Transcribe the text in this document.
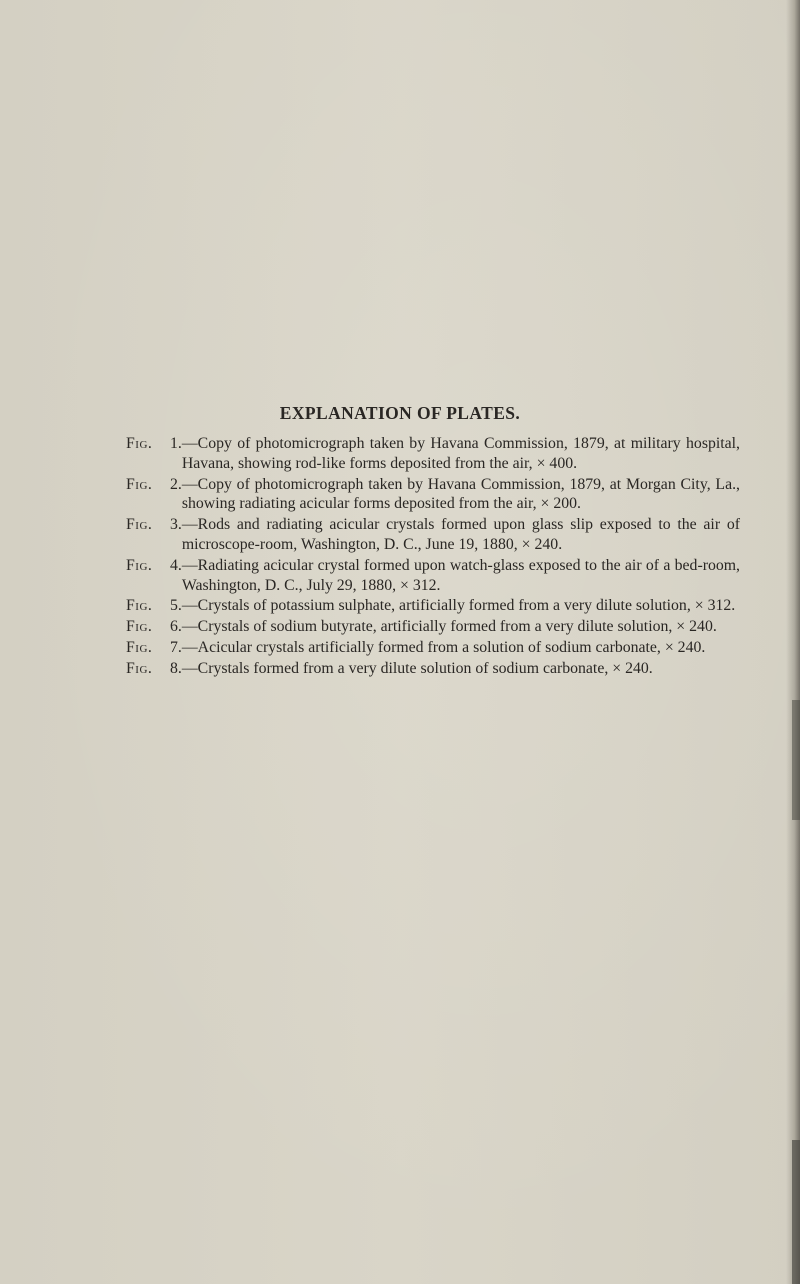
EXPLANATION OF PLATES.
Fig.	1. —Copy of photomicrograph taken by Havana Commission, 1879, at military hospital, Havana, showing rod-like forms deposited from the air, × 400.
Fig.	2. —Copy of photomicrograph taken by Havana Commission, 1879, at Morgan City, La., showing radiating acicular forms deposited from the air, × 200.
Fig.	3. —Rods and radiating acicular crystals formed upon glass slip exposed to the air of microscope-room, Washington, D. C., June 19, 1880, × 240.
Fig.	4. —Radiating acicular crystal formed upon watch-glass exposed to the air of a bed-room, Washington, D. C., July 29, 1880, × 312.
Fig.	5. —Crystals of potassium sulphate, artificially formed from a very dilute solution, × 312.
Fig.	6. —Crystals of sodium butyrate, artificially formed from a very dilute solution, × 240.
Fig.	7. —Acicular crystals artificially formed from a solution of sodium carbonate, × 240.
Fig.	8. —Crystals formed from a very dilute solution of sodium carbonate, × 240.
